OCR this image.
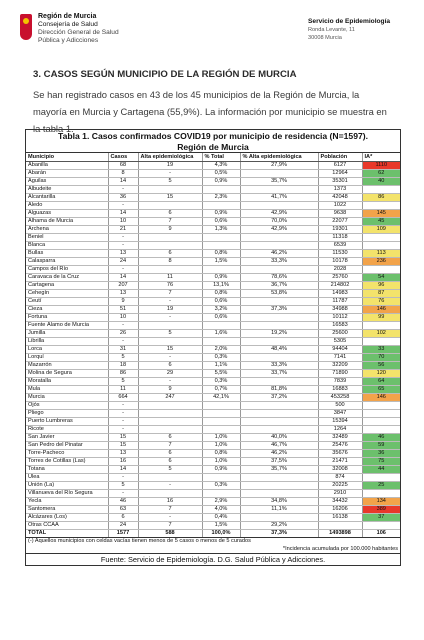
Región de Murcia
Consejería de Salud
Dirección General de Salud
Pública y Adicciones
Servicio de Epidemiología
Ronda Levante, 11
30008 Murcia
3. CASOS SEGÚN MUNICIPIO DE LA REGIÓN DE MURCIA
Se han registrado casos en 43 de los 45 municipios de la Región de Murcia, la mayoría en Murcia y Cartagena (55,9%). La información por municipio se muestra en la tabla 1.
Tabla 1. Casos confirmados COVID19 por municipio de residencia (N=1597).
Región de Murcia
Municipio	Casos	Alta epidemiológica	% Total	% Alta epidemiológica	Población	IA*
Abanilla	68	19	4,3%	27,9%	6127	1110
Abarán	8	-	0,5%		12964	62
Aguilas	14	5	0,9%	35,7%	35301	40
Albudeite	-				1373	
Alcantarilla	36	15	2,3%	41,7%	42048	86
Aledo	-				1022	
Alguazas	14	6	0,9%	42,9%	9638	145
Alhama de Murcia	10	7	0,6%	70,0%	22077	45
Archena	21	9	1,3%	42,9%	19301	109
Beniel	-				11318	
Blanca	-				6539	
Bullas	13	6	0,8%	46,2%	11530	113
Calasparra	24	8	1,5%	33,3%	10178	236
Campos del Río	-				2028	
Caravaca de la Cruz	14	11	0,9%	78,6%	25760	54
Cartagena	207	76	13,1%	36,7%	214802	96
Cehegín	13	7	0,8%	53,8%	14983	87
Ceutí	9	-	0,6%		11787	76
Cieza	51	19	3,2%	37,3%	34988	146
Fortuna	10	-	0,6%		10112	99
Fuente Álamo de Murcia	-				16583	
Jumilla	26	5	1,6%	19,2%	25600	102
Librilla	-				5305	
Lorca	31	15	2,0%	48,4%	94404	33
Lorquí	5	-	0,3%		7141	70
Mazarrón	18	6	1,1%	33,3%	32209	56
Molina de Segura	86	29	5,5%	33,7%	71890	120
Moratalla	5	-	0,3%		7839	64
Mula	11	9	0,7%	81,8%	16883	65
Murcia	664	247	42,1%	37,2%	453258	146
Ojós	-				500	
Pliego	-				3847	
Puerto Lumbreras	-				15394	
Ricote	-				1264	
San Javier	15	6	1,0%	40,0%	32489	46
San Pedro del Pinatar	15	7	1,0%	46,7%	25476	59
Torre-Pacheco	13	6	0,8%	46,2%	35676	36
Torres de Cotillas (Las)	16	6	1,0%	37,5%	21471	75
Totana	14	5	0,9%	35,7%	32008	44
Ulea	-				874	
Unión (La)	5	-	0,3%		20225	25
Villanueva del Río Segura	-				2910	
Yecla	46	16	2,9%	34,8%	34432	134
Santomera	63	7	4,0%	11,1%	16206	389
Alcázares (Los)	6	-	0,4%		16138	37
Otras CCAA	24	7	1,5%	29,2%		
TOTAL	1577	588	100,0%	37,3%	1493898	106
(-) Aquellos municipios con celdas vacías tienen menos de 5 casos o menos de 5 curados
*Incidencia acumulada por 100.000 habitantes
Fuente: Servicio de Epidemiología. D.G. Salud Pública y Adicciones.
